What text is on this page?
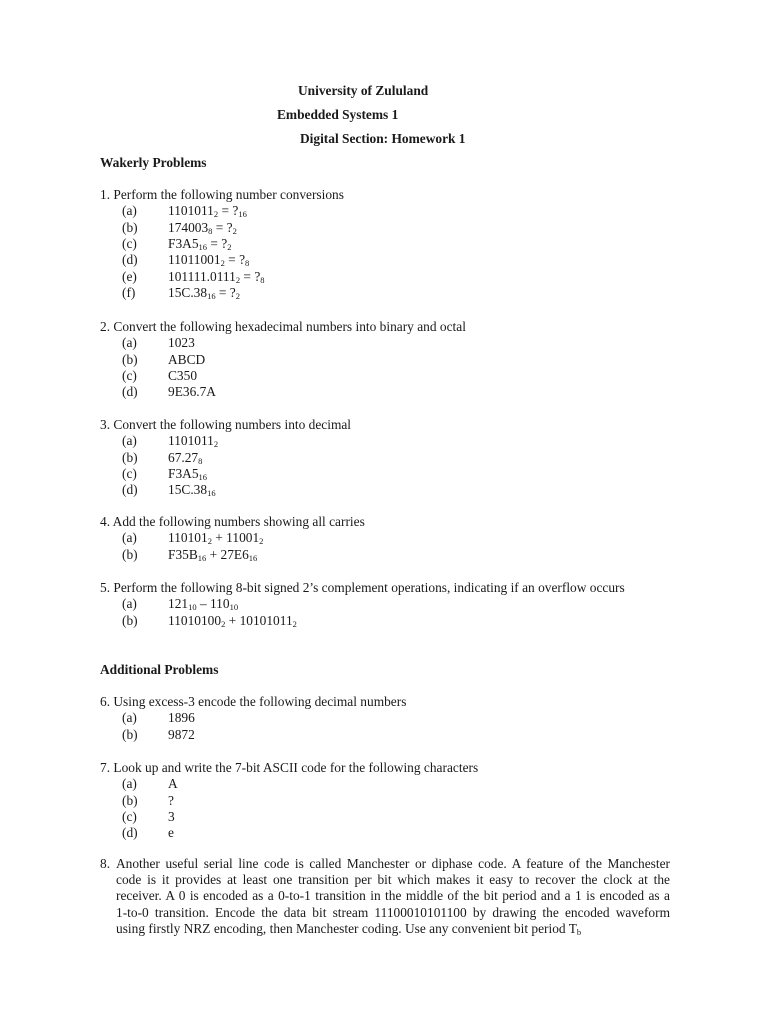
University of Zululand
Embedded Systems 1
Digital Section: Homework 1
Wakerly Problems
1. Perform the following number conversions
(a) $1101011_2$ = $?_{16}$
(b) $174003_8$ = $?_2$
(c) $F3A5_{16}$ = $?_2$
(d) $11011001_2$ = $?_8$
(e) $101111.0111_2$ = $?_8$
(f) $15C.38_{16}$ = $?_2$
2. Convert the following hexadecimal numbers into binary and octal
(a) 1023
(b) ABCD
(c) C350
(d) 9E36.7A
3. Convert the following numbers into decimal
(a) $1101011_2$
(b) $67.27_8$
(c) $F3A5_{16}$
(d) $15C.38_{16}$
4. Add the following numbers showing all carries
(a) $110101_2 + 11001_2$
(b) $F35B_{16} + 27E6_{16}$
5. Perform the following 8-bit signed 2’s complement operations, indicating if an overflow occurs
(a) $121_{10} - 110_{10}$
(b) $11010100_2 + 10101011_2$
6. Using excess-3 encode the following decimal numbers
(a) 1896
(b) 9872
7. Look up and write the 7-bit ASCII code for the following characters
(a) A
(b) ?
(c) 3
(d) e
Additional Problems
8. Another useful serial line code is called Manchester or diphase code. A feature of the Manchester
code is it provides at least one transition per bit which makes it easy to recover the clock at the
receiver. A 0 is encoded as a 0-to-1 transition in the middle of the bit period and a 1 is encoded as a
1-to-0 transition. Encode the data bit stream 11100010101100 by drawing the encoded waveform
using firstly NRZ encoding, then Manchester coding. Use any convenient bit period $T_b$
